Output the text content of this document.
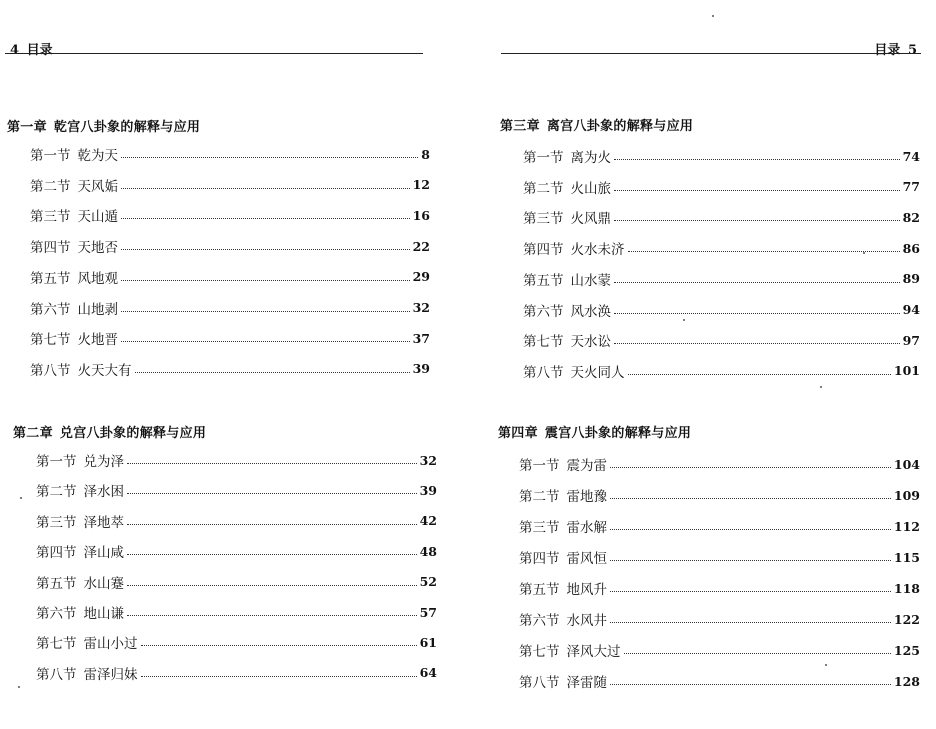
4 目录
第一章 乾宫八卦象的解释与应用
第一节 乾为天	8
第二节 天风姤	12
第三节 天山遁	16
第四节 天地否	22
第五节 风地观	29
第六节 山地剥	32
第七节 火地晋	37
第八节 火天大有	39
第二章 兑宫八卦象的解释与应用
第一节 兑为泽	32
第二节 泽水困	39
第三节 泽地萃	42
第四节 泽山咸	48
第五节 水山蹇	52
第六节 地山谦	57
第七节 雷山小过	61
第八节 雷泽归妹	64
目录 5
第三章 离宫八卦象的解释与应用
第一节 离为火	74
第二节 火山旅	77
第三节 火风鼎	82
第四节 火水未济	86
第五节 山水蒙	89
第六节 风水涣	94
第七节 天水讼	97
第八节 天火同人	101
第四章 震宫八卦象的解释与应用
第一节 震为雷	104
第二节 雷地豫	109
第三节 雷水解	112
第四节 雷风恒	115
第五节 地风升	118
第六节 水风井	122
第七节 泽风大过	125
第八节 泽雷随	128
